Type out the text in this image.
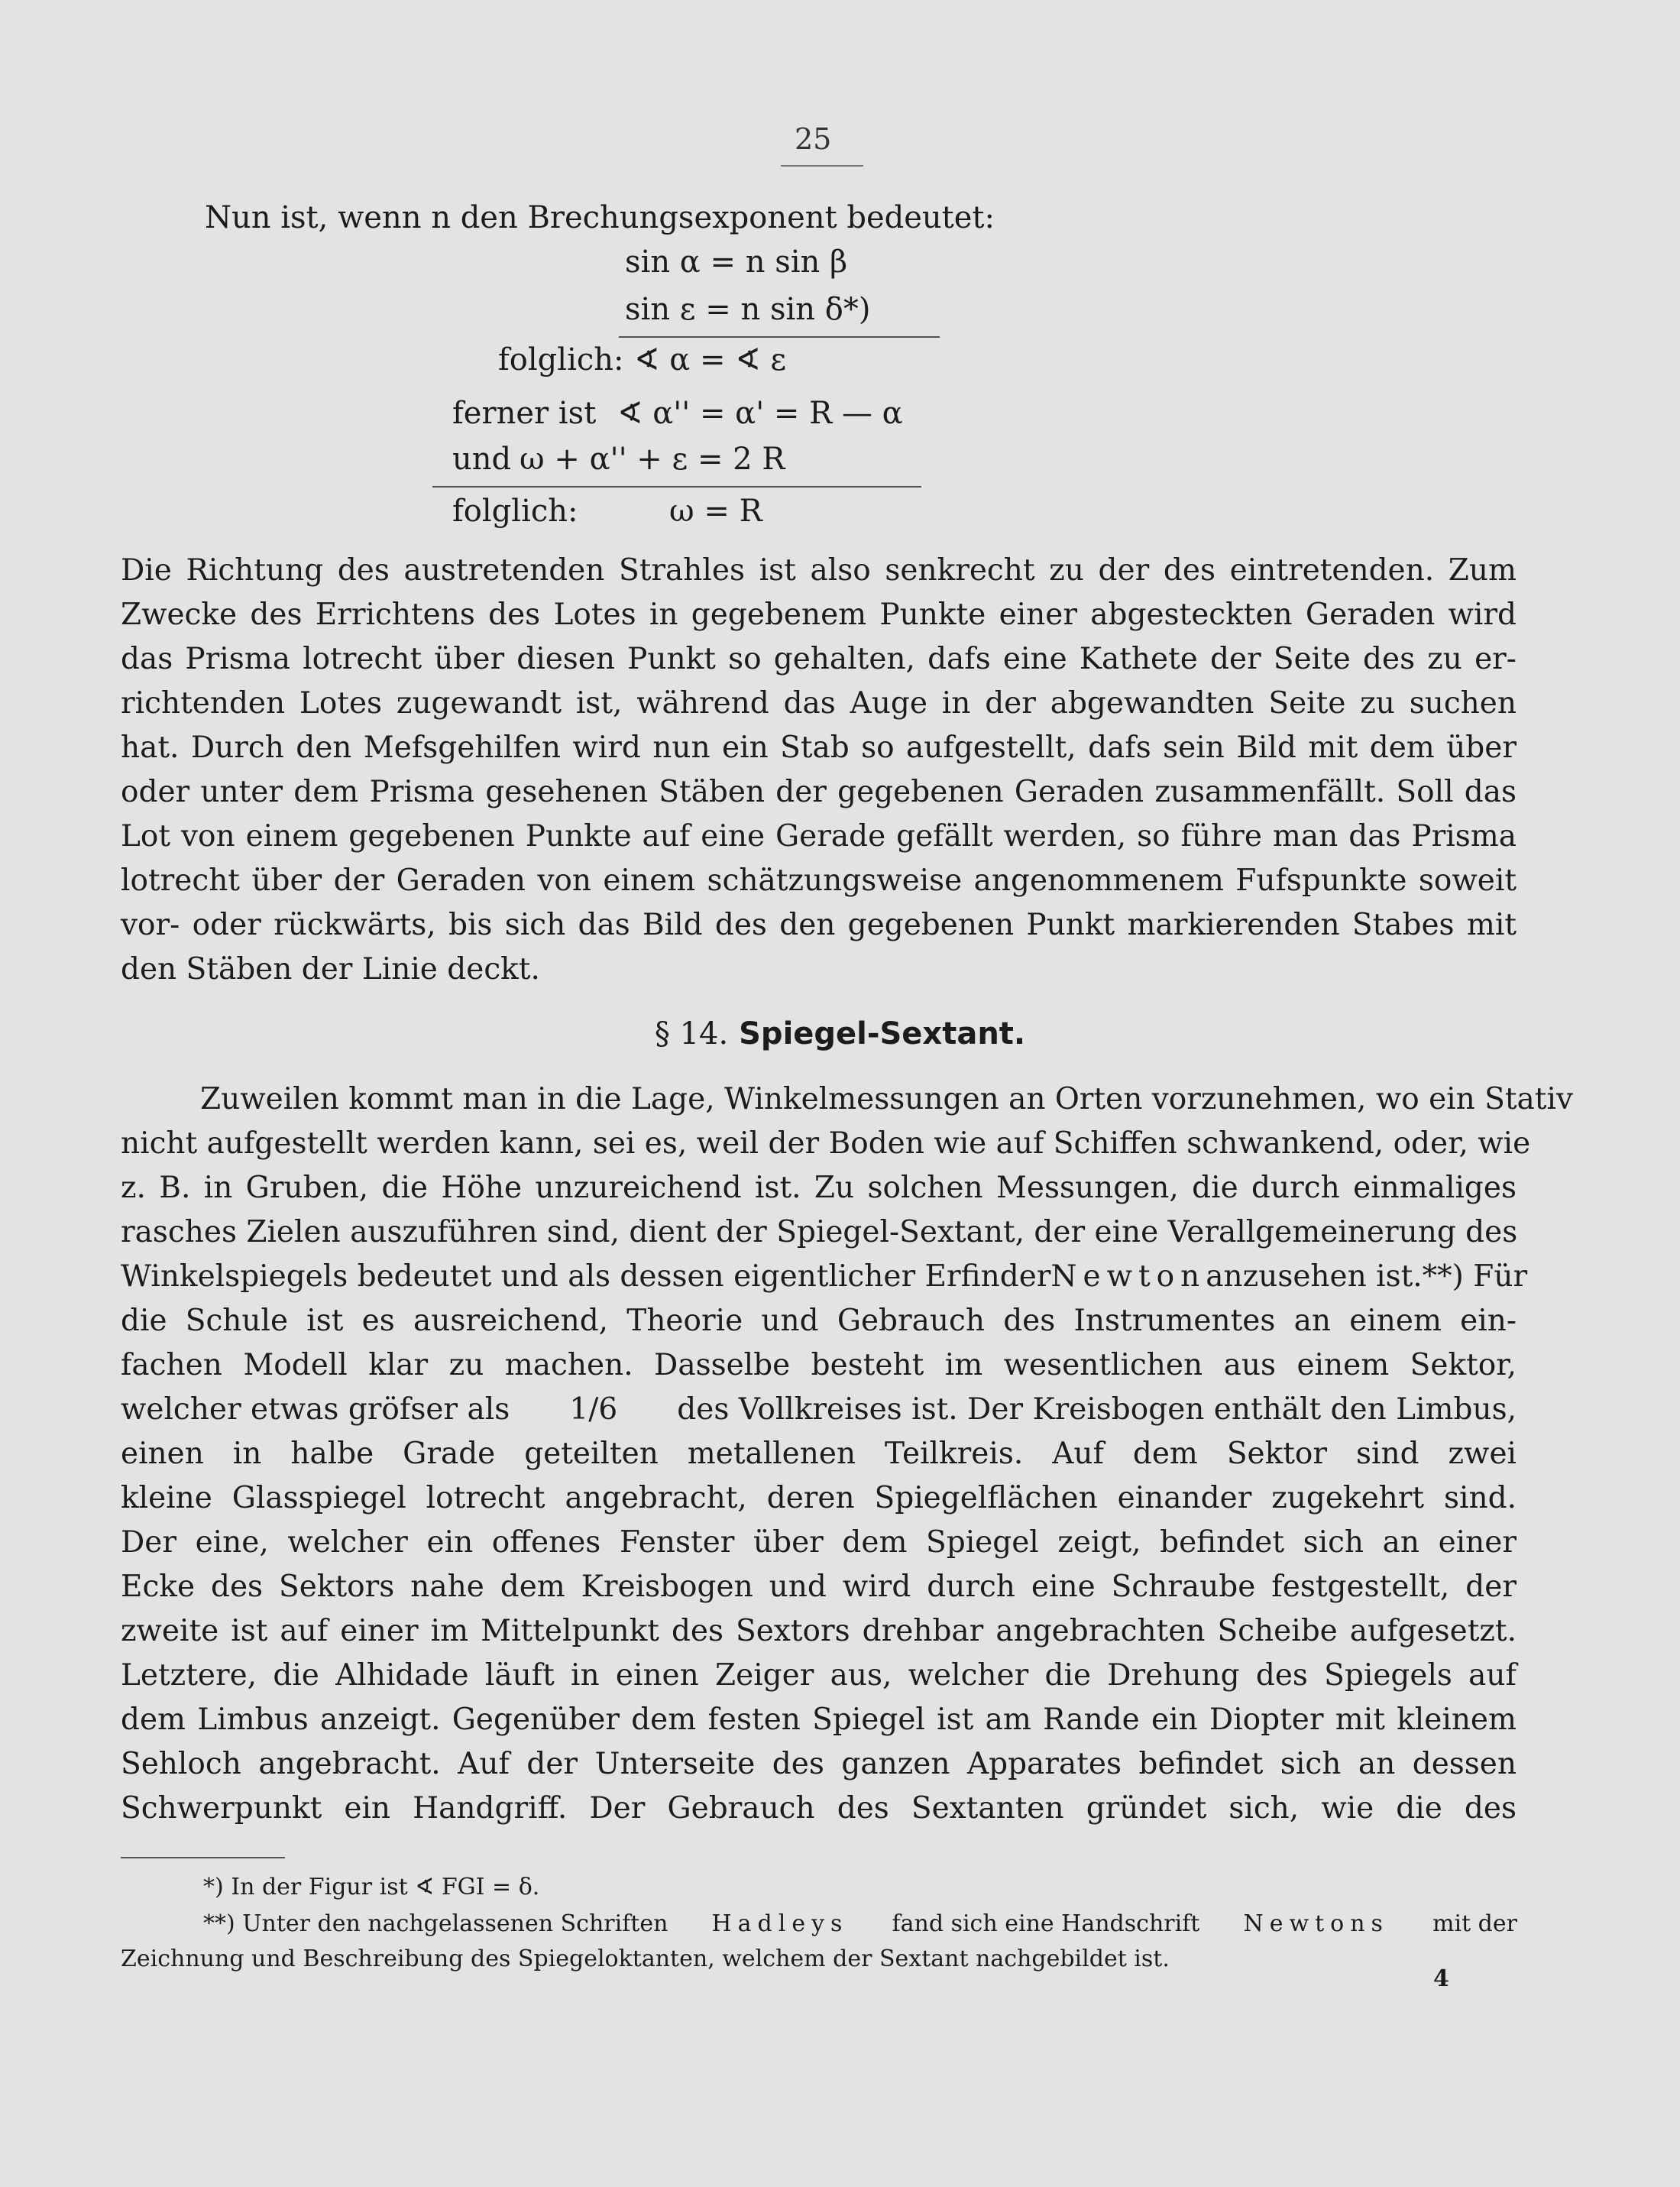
25
Nun ist, wenn n den Brechungsexponent bedeutet:
sin α = n sin β
sin ε = n sin δ*)
folglich: ∢ α = ∢ ε
ferner ist ∢ α'' = α' = R — α
und ω + α'' + ε = 2 R
folglich:	ω = R
Die Richtung des austretenden Strahles ist also senkrecht zu der des eintretenden. Zum
Zwecke des Errichtens des Lotes in gegebenem Punkte einer abgesteckten Geraden wird
das Prisma lotrecht über diesen Punkt so gehalten, dafs eine Kathete der Seite des zu er-
richtenden Lotes zugewandt ist, während das Auge in der abgewandten Seite zu suchen
hat. Durch den Mefsgehilfen wird nun ein Stab so aufgestellt, dafs sein Bild mit dem über
oder unter dem Prisma gesehenen Stäben der gegebenen Geraden zusammenfällt. Soll das
Lot von einem gegebenen Punkte auf eine Gerade gefällt werden, so führe man das Prisma
lotrecht über der Geraden von einem schätzungsweise angenommenem Fufspunkte soweit
vor- oder rückwärts, bis sich das Bild des den gegebenen Punkt markierenden Stabes mit
den Stäben der Linie deckt.
§ 14. Spiegel-Sextant.
Zuweilen kommt man in die Lage, Winkelmessungen an Orten vorzunehmen, wo ein Stativ
nicht aufgestellt werden kann, sei es, weil der Boden wie auf Schiffen schwankend, oder, wie
z. B. in Gruben, die Höhe unzureichend ist. Zu solchen Messungen, die durch einmaliges
rasches Zielen auszuführen sind, dient der Spiegel-Sextant, der eine Verallgemeinerung des
Winkelspiegels bedeutet und als dessen eigentlicher Erfinder Newton anzusehen ist.**) Für
die Schule ist es ausreichend, Theorie und Gebrauch des Instrumentes an einem ein-
fachen Modell klar zu machen. Dasselbe besteht im wesentlichen aus einem Sektor,
welcher etwas gröfser als 1/6 des Vollkreises ist. Der Kreisbogen enthält den Limbus,
einen in halbe Grade geteilten metallenen Teilkreis. Auf dem Sektor sind zwei
kleine Glasspiegel lotrecht angebracht, deren Spiegelflächen einander zugekehrt sind.
Der eine, welcher ein offenes Fenster über dem Spiegel zeigt, befindet sich an einer
Ecke des Sektors nahe dem Kreisbogen und wird durch eine Schraube festgestellt, der
zweite ist auf einer im Mittelpunkt des Sextors drehbar angebrachten Scheibe aufgesetzt.
Letztere, die Alhidade läuft in einen Zeiger aus, welcher die Drehung des Spiegels auf
dem Limbus anzeigt. Gegenüber dem festen Spiegel ist am Rande ein Diopter mit kleinem
Sehloch angebracht. Auf der Unterseite des ganzen Apparates befindet sich an dessen
Schwerpunkt ein Handgriff. Der Gebrauch des Sextanten gründet sich, wie die des
*) In der Figur ist ∢ FGI = δ.
**) Unter den nachgelassenen Schriften Hadleys fand sich eine Handschrift Newtons mit der
Zeichnung und Beschreibung des Spiegeloktanten, welchem der Sextant nachgebildet ist.
4
